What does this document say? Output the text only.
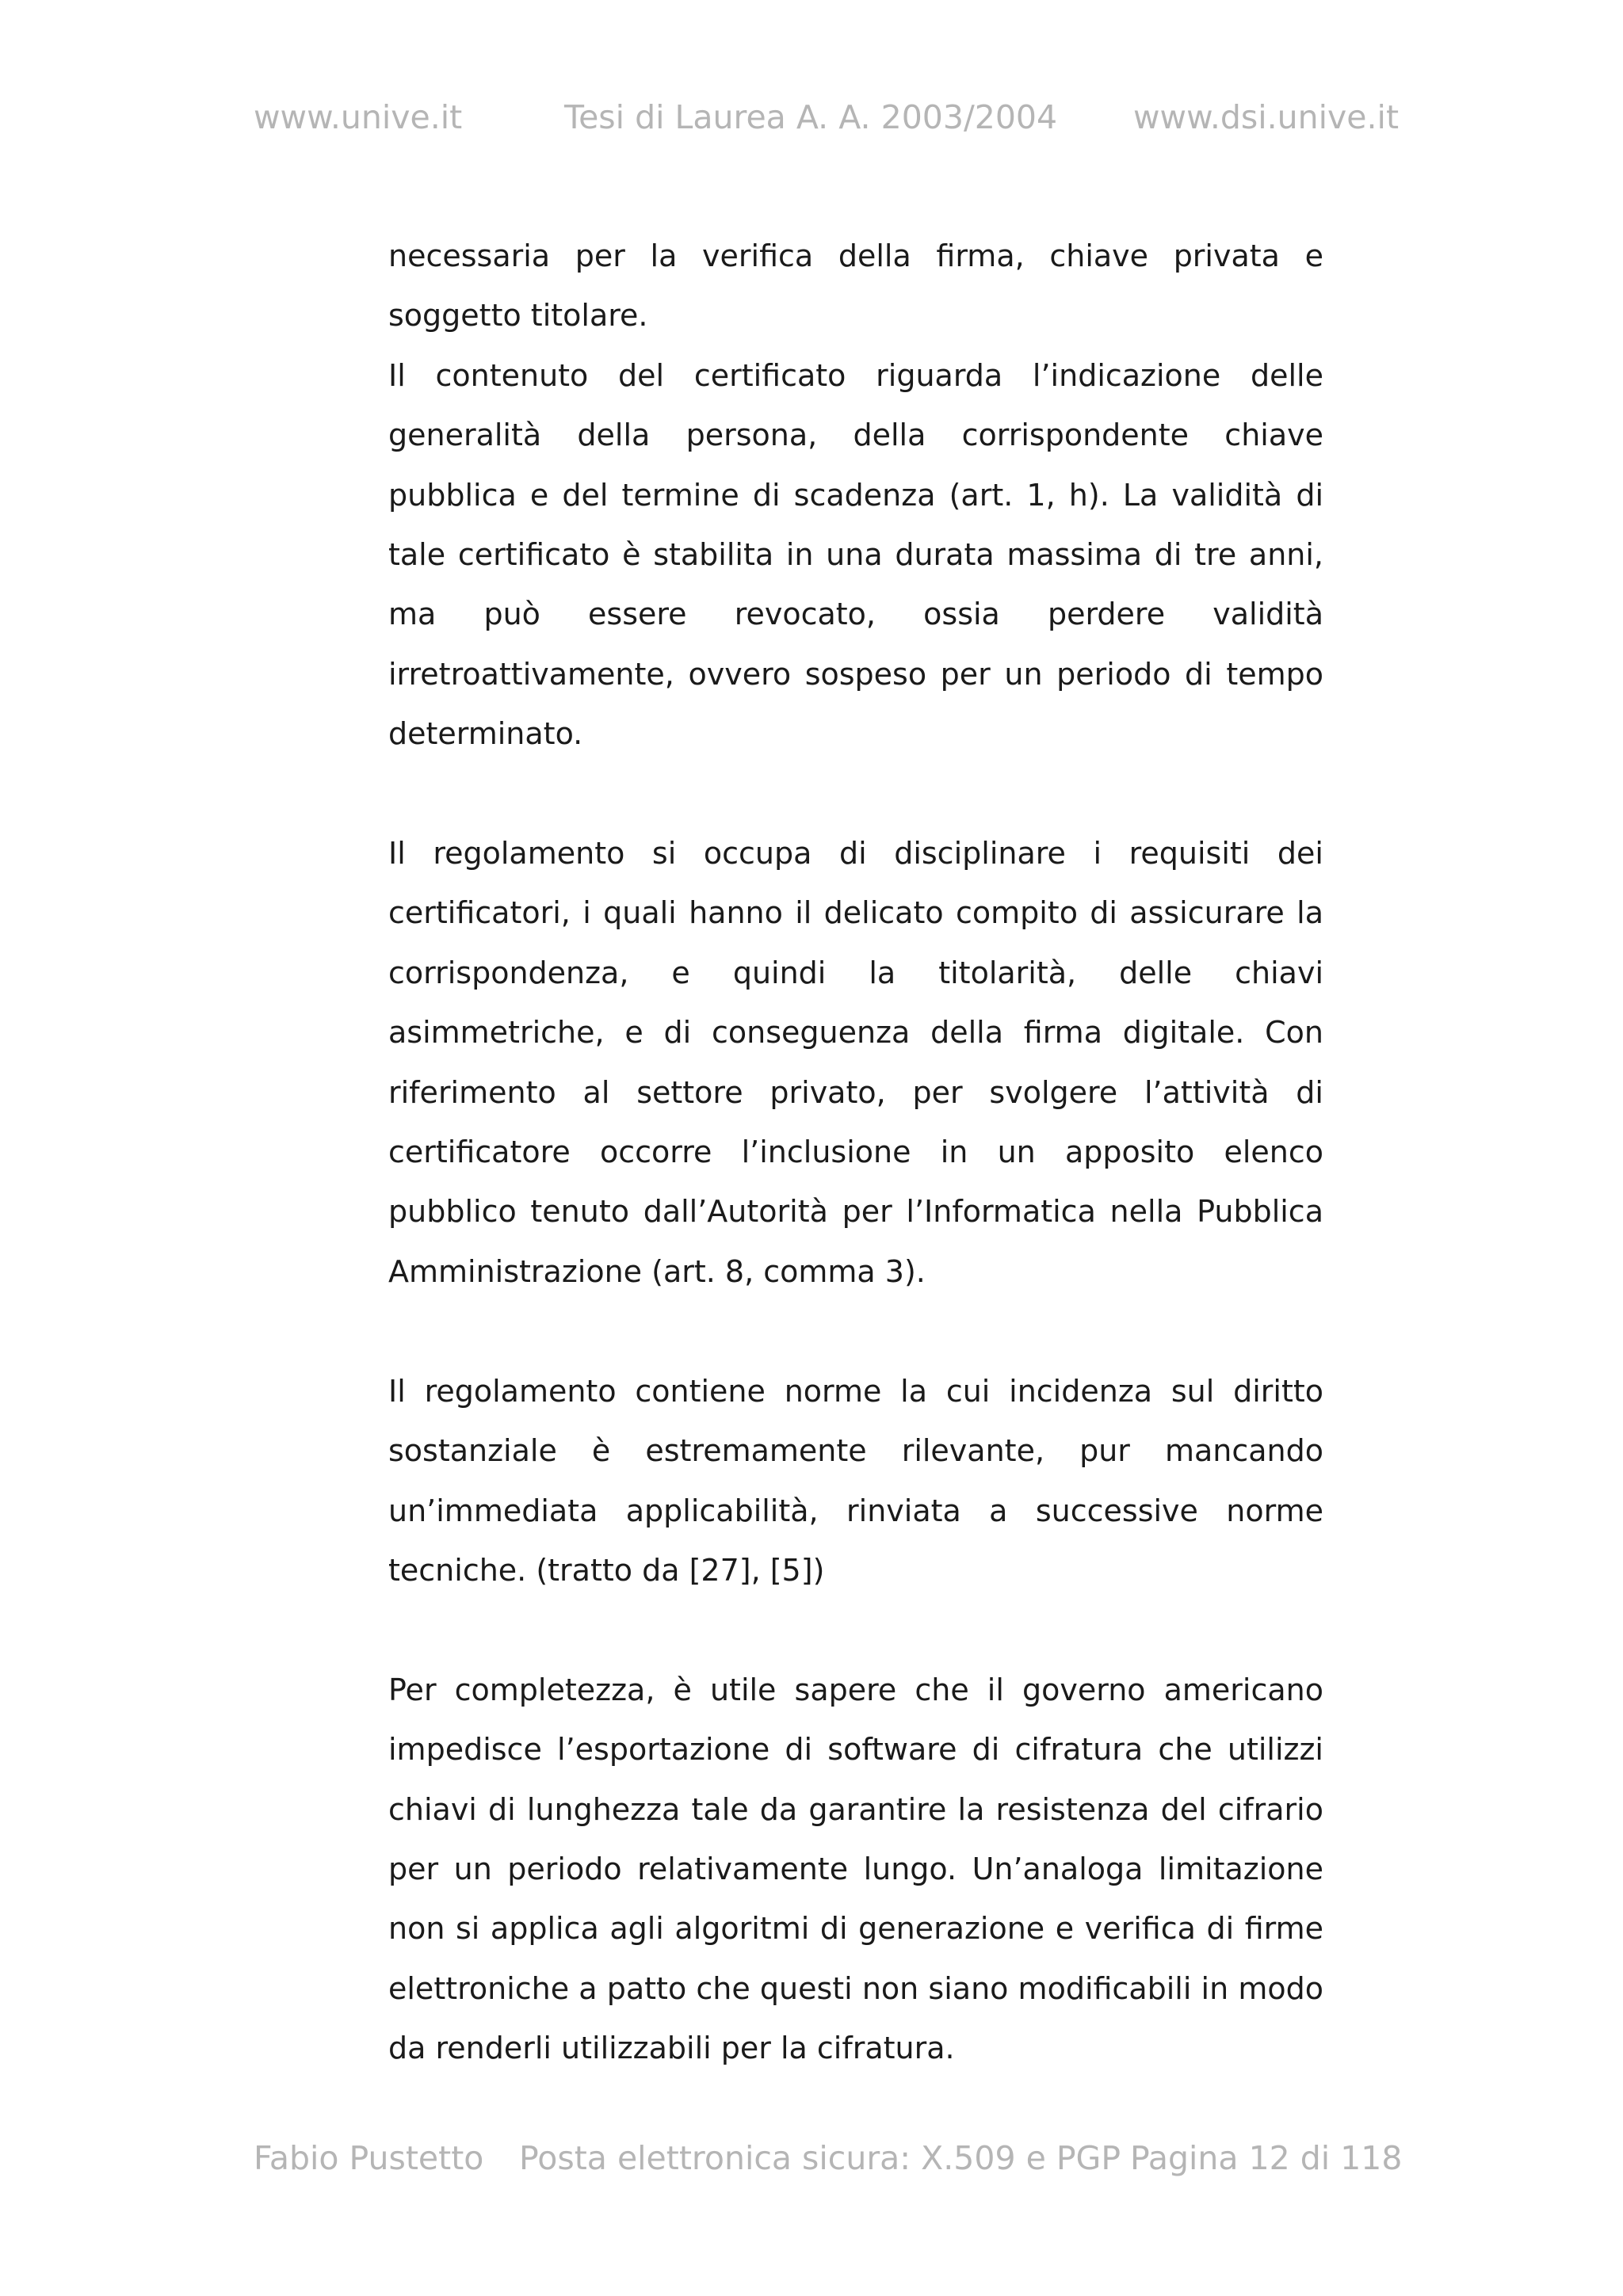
www.unive.it	Tesi di Laurea A. A. 2003/2004 www.dsi.unive.it

necessaria per la verifica della firma, chiave privata e soggetto titolare.

Il contenuto del certificato riguarda l’indicazione delle generalità della persona, della corrispondente chiave pubblica e del termine di scadenza (art. 1, h). La validità di tale certificato è stabilita in una durata massima di tre anni, ma può essere revocato, ossia perdere validità irretroattivamente, ovvero sospeso per un periodo di tempo determinato.

Il regolamento si occupa di disciplinare i requisiti dei certificatori, i quali hanno il delicato compito di assicurare la corrispondenza, e quindi la titolarità, delle chiavi asimmetriche, e di conseguenza della firma digitale. Con riferimento al settore privato, per svolgere l’attività di certificatore occorre l’inclusione in un apposito elenco pubblico tenuto dall’Autorità per l’Informatica nella Pubblica Amministrazione (art. 8, comma 3).

Il regolamento contiene norme la cui incidenza sul diritto sostanziale è estremamente rilevante, pur mancando un’immediata applicabilità, rinviata a successive norme tecniche. (tratto da [27], [5])

Per completezza, è utile sapere che il governo americano impedisce l’esportazione di software di cifratura che utilizzi chiavi di lunghezza tale da garantire la resistenza del cifrario per un periodo relativamente lungo. Un’analoga limitazione non si applica agli algoritmi di generazione e verifica di firme elettroniche a patto che questi non siano modificabili in modo da renderli utilizzabili per la cifratura.

Fabio Pustetto Posta elettronica sicura: X.509 e PGP Pagina 12 di 118
